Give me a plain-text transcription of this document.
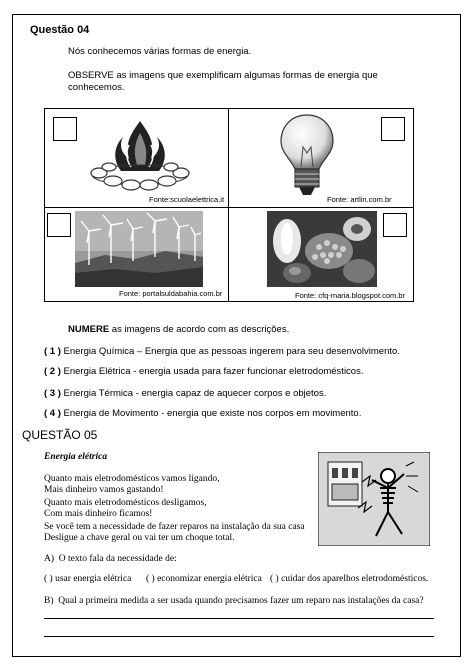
Questão 04
Nós conhecemos várias formas de energia.
OBSERVE as imagens que exemplificam algumas formas de energia que
conhecemos.
Fonte:scuolaelettrica.it	Fonte: artlin.com.br
Fonte: portalsuldabahia.com.br	Fonte: cfq-maria.blogspot.com.br
NUMERE as imagens de acordo com as descrições.
( 1 ) Energia Química – Energia que as pessoas ingerem para seu desenvolvimento.
( 2 ) Energia Elétrica - energia usada para fazer funcionar eletrodomésticos.
( 3 ) Energia Térmica - energia capaz de aquecer corpos e objetos.
( 4 ) Energia de Movimento - energia que existe nos corpos em movimento.
QUESTÃO 05
Energia elétrica
Quanto mais eletrodomésticos vamos ligando,
Mais dinheiro vamos gastando!
Quanto mais eletrodomésticos desligamos,
Com mais dinheiro ficamos!
Se você tem a necessidade de fazer reparos na instalação da sua casa
Desligue a chave geral ou vai ter um choque total.
A) O texto fala da necessidade de:
( ) usar energia elétrica ( ) economizar energia elétrica ( ) cuidar dos aparelhos eletrodomésticos.
B) Qual a primeira medida a ser usada quando precisamos fazer um reparo nas instalações da casa?
